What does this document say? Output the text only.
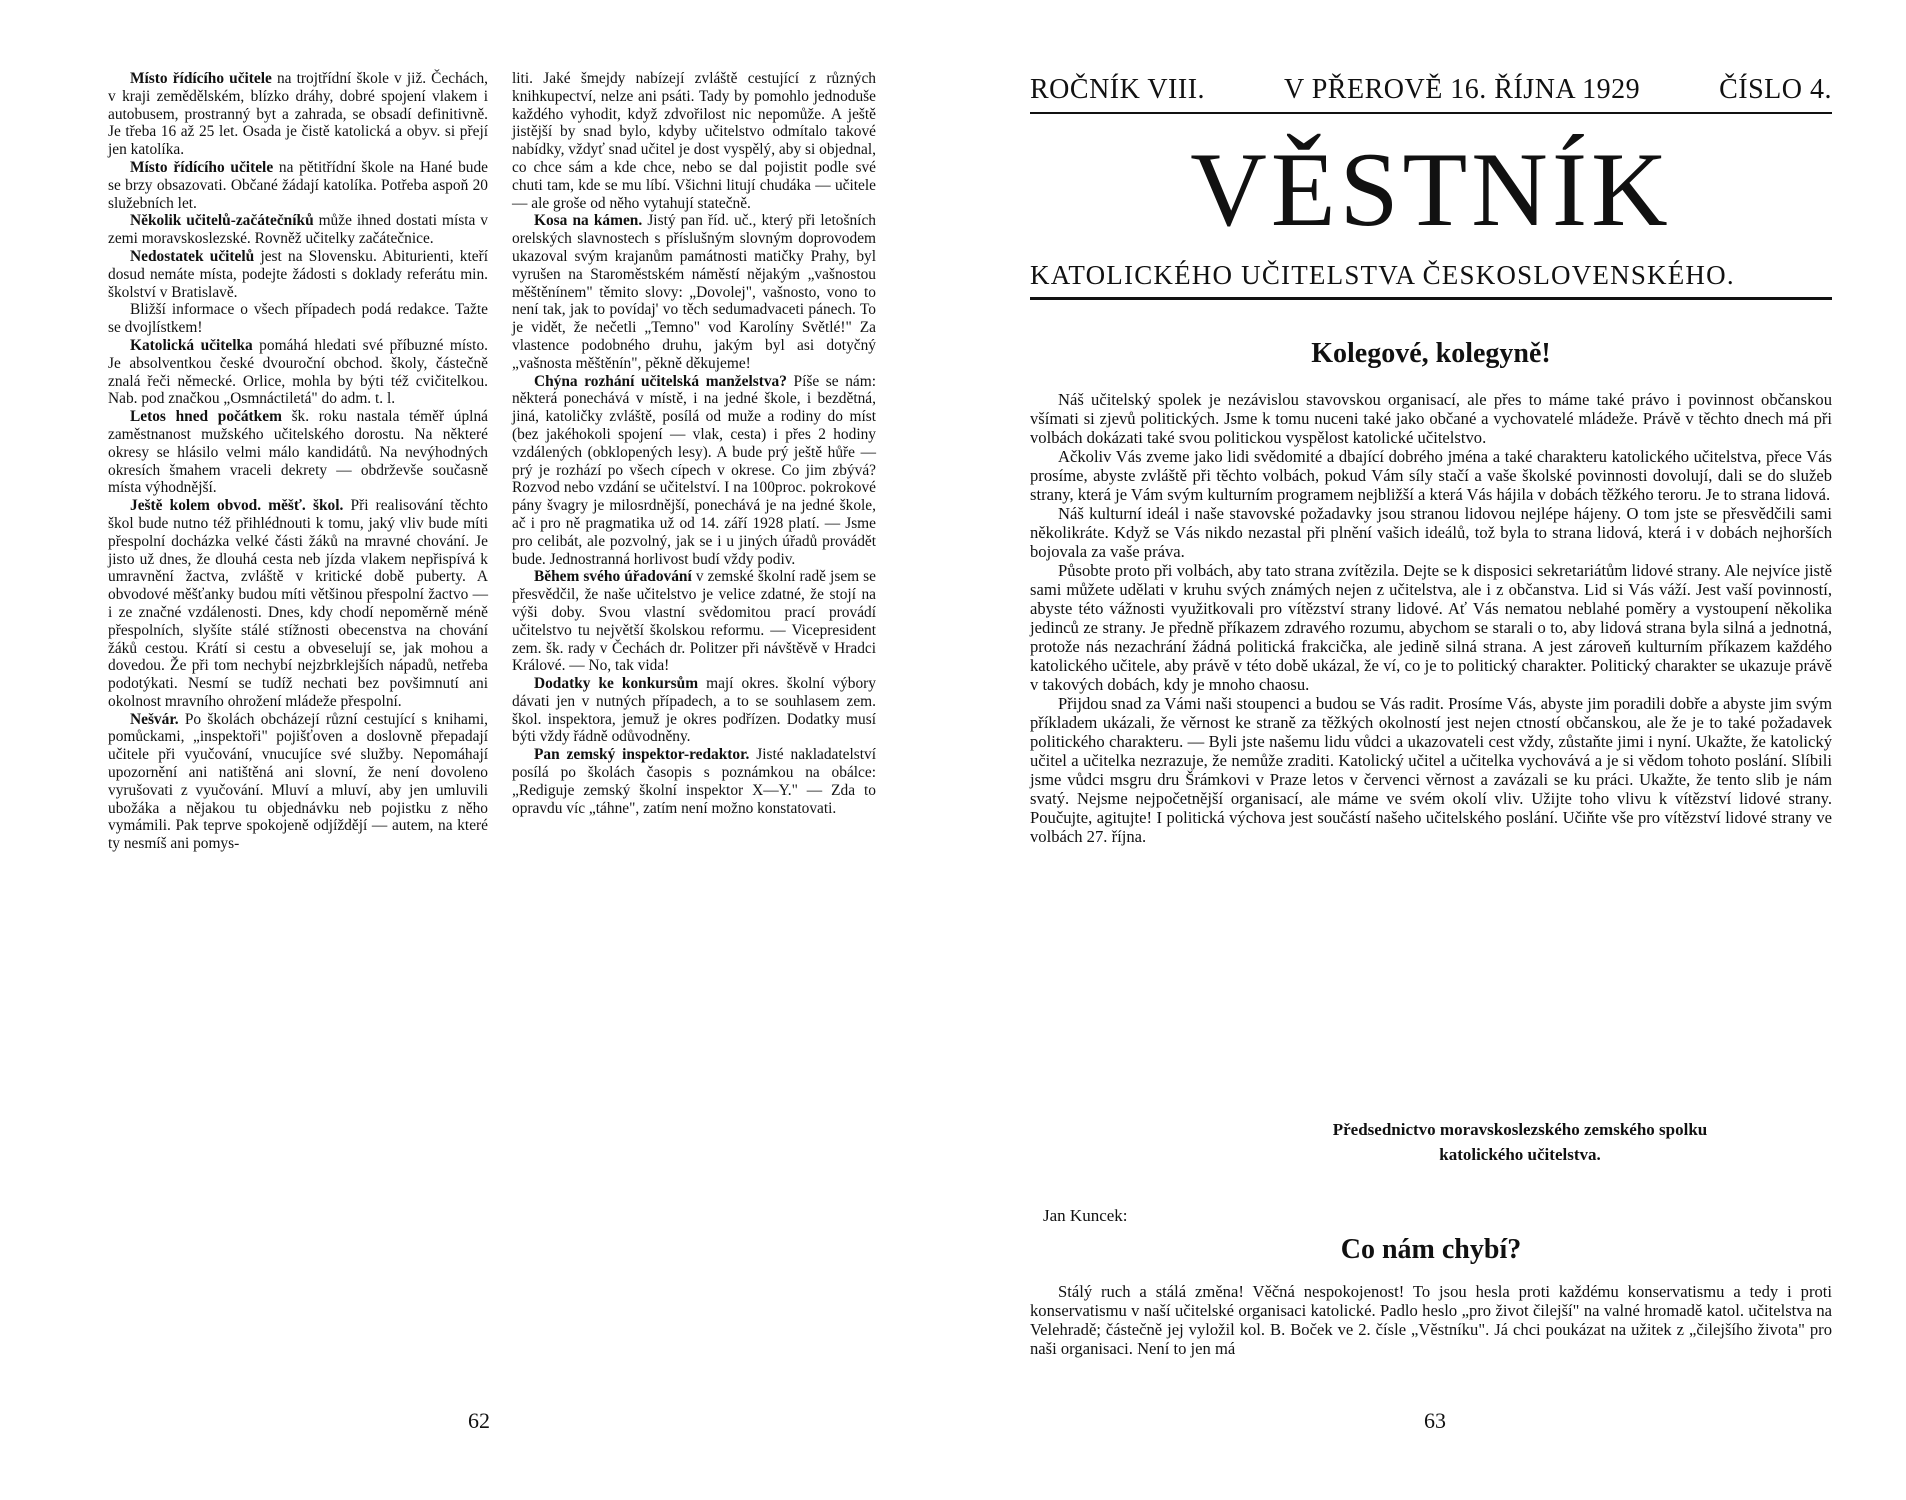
Místo řídícího učitele na trojtřídní škole v již. Čechách, v kraji zemědělském, blízko dráhy, dobré spojení vlakem i autobusem, prostranný byt a zahrada, se obsadí definitivně. Je třeba 16 až 25 let. Osada je čistě katolická a obyv. si přejí jen katolíka.

Místo řídícího učitele na pětitřídní škole na Hané bude se brzy obsazovati. Občané žádají katolíka. Potřeba aspoň 20 služebních let.

Několik učitelů-začátečníků může ihned dostati místa v zemi moravskoslezské. Rovněž učitelky začátečnice.

Nedostatek učitelů jest na Slovensku. Abiturienti, kteří dosud nemáte místa, podejte žádosti s doklady referátu min. školství v Bratislavě.

Bližší informace o všech případech podá redakce. Tažte se dvojlístkem!

Katolická učitelka pomáhá hledati své příbuzné místo. Je absolventkou české dvouroční obchod. školy, částečně znalá řeči německé. Orlice, mohla by býti též cvičitelkou. Nab. pod značkou „Osmnáctiletá" do adm. t. l.

Letos hned počátkem šk. roku nastala téměř úplná zaměstnanost mužského učitelského dorostu. Na některé okresy se hlásilo velmi málo kandidátů. Na nevýhodných okresích šmahem vraceli dekrety — obdrževše současně místa výhodnější.

Ještě kolem obvod. měšť. škol. Při realisování těchto škol bude nutno též přihlédnouti k tomu, jaký vliv bude míti přespolní docházka velké části žáků na mravné chování. Je jisto už dnes, že dlouhá cesta neb jízda vlakem nepřispívá k umravnění žactva, zvláště v kritické době puberty. A obvodové měšťanky budou míti většinou přespolní žactvo — i ze značné vzdálenosti. Dnes, kdy chodí nepoměrně méně přespolních, slyšíte stálé stížnosti obecenstva na chování žáků cestou. Krátí si cestu a obveselují se, jak mohou a dovedou. Že při tom nechybí nejzbrklejších nápadů, netřeba podotýkati. Nesmí se tudíž nechati bez povšimnutí ani okolnost mravního ohrožení mládeže přespolní.

Nešvár. Po školách obcházejí různí cestující s knihami, pomůckami, „inspektoři" pojišťoven a doslovně přepadají učitele při vyučování, vnucujíce své služby. Nepomáhají upozornění ani natištěná ani slovní, že není dovoleno vyrušovati z vyučování. Mluví a mluví, aby jen umluvili ubožáka a nějakou tu objednávku neb pojistku z něho vymámili. Pak teprve spokojeně odjíždějí — autem, na které ty nesmíš ani pomys-

liti. Jaké šmejdy nabízejí zvláště cestující z různých knihkupectví, nelze ani psáti. Tady by pomohlo jednoduše každého vyhodit, když zdvořilost nic nepomůže. A ještě jistější by snad bylo, kdyby učitelstvo odmítalo takové nabídky, vždyť snad učitel je dost vyspělý, aby si objednal, co chce sám a kde chce, nebo se dal pojistit podle své chuti tam, kde se mu líbí. Všichni litují chudáka — učitele — ale groše od něho vytahují statečně.

Kosa na kámen. Jistý pan říd. uč., který při letošních orelských slavnostech s příslušným slovným doprovodem ukazoval svým krajanům památnosti matičky Prahy, byl vyrušen na Staroměstském náměstí nějakým „vašnostou měštěnínem" těmito slovy: „Dovolej", vašnosto, vono to není tak, jak to povídaj' vo těch sedumadvaceti pánech. To je vidět, že nečetli „Temno" vod Karolíny Světlé!" Za vlastence podobného druhu, jakým byl asi dotyčný „vašnosta měštěnín", pěkně děkujeme!

Chýna rozhání učitelská manželstva? Píše se nám: některá ponechává v místě, i na jedné škole, i bezdětná, jiná, katoličky zvláště, posílá od muže a rodiny do míst (bez jakéhokoli spojení — vlak, cesta) i přes 2 hodiny vzdálených (obklopených lesy). A bude prý ještě hůře — prý je rozhází po všech cípech v okrese. Co jim zbývá? Rozvod nebo vzdání se učitelství. I na 100proc. pokrokové pány švagry je milosrdnější, ponechává je na jedné škole, ač i pro ně pragmatika už od 14. září 1928 platí. — Jsme pro celibát, ale pozvolný, jak se i u jiných úřadů provádět bude. Jednostranná horlivost budí vždy podiv.

Během svého úřadování v zemské školní radě jsem se přesvědčil, že naše učitelstvo je velice zdatné, že stojí na výši doby. Svou vlastní svědomitou prací provádí učitelstvo tu největší školskou reformu. — Vicepresident zem. šk. rady v Čechách dr. Politzer při návštěvě v Hradci Králové. — No, tak vida!

Dodatky ke konkursům mají okres. školní výbory dávati jen v nutných případech, a to se souhlasem zem. škol. inspektora, jemuž je okres podřízen. Dodatky musí býti vždy řádně odůvodněny.

Pan zemský inspektor-redaktor. Jisté nakladatelství posílá po školách časopis s poznámkou na obálce: „Rediguje zemský školní inspektor X—Y." — Zda to opravdu víc „táhne", zatím není možno konstatovati.

62
ROČNÍK VIII.	V PŘEROVĚ 16. ŘÍJNA 1929	ČÍSLO 4.
VĚSTNÍK
KATOLICKÉHO UČITELSTVA ČESKOSLOVENSKÉHO.
Kolegové, kolegyně!

Náš učitelský spolek je nezávislou stavovskou organisací, ale přes to máme také právo i povinnost občanskou všímati si zjevů politických. Jsme k tomu nuceni také jako občané a vychovatelé mládeže. Právě v těchto dnech má při volbách dokázati také svou politickou vyspělost katolické učitelstvo.

Ačkoliv Vás zveme jako lidi svědomité a dbající dobrého jména a také charakteru katolického učitelstva, přece Vás prosíme, abyste zvláště při těchto volbách, pokud Vám síly stačí a vaše školské povinnosti dovolují, dali se do služeb strany, která je Vám svým kulturním programem nejbližší a která Vás hájila v dobách těžkého teroru. Je to strana lidová.

Náš kulturní ideál i naše stavovské požadavky jsou stranou lidovou nejlépe hájeny. O tom jste se přesvědčili sami několikráte. Když se Vás nikdo nezastal při plnění vašich ideálů, tož byla to strana lidová, která i v dobách nejhorších bojovala za vaše práva.

Působte proto při volbách, aby tato strana zvítězila. Dejte se k disposici sekretariátům lidové strany. Ale nejvíce jistě sami můžete udělati v kruhu svých známých nejen z učitelstva, ale i z občanstva. Lid si Vás váží. Jest vaší povinností, abyste této vážnosti využitkovali pro vítězství strany lidové. Ať Vás nematou neblahé poměry a vystoupení několika jedinců ze strany. Je předně příkazem zdravého rozumu, abychom se starali o to, aby lidová strana byla silná a jednotná, protože nás nezachrání žádná politická frakcička, ale jedině silná strana. A jest zároveň kulturním příkazem každého katolického učitele, aby právě v této době ukázal, že ví, co je to politický charakter. Politický charakter se ukazuje právě v takových dobách, kdy je mnoho chaosu.

Přijdou snad za Vámi naši stoupenci a budou se Vás radit. Prosíme Vás, abyste jim poradili dobře a abyste jim svým příkladem ukázali, že věrnost ke straně za těžkých okolností jest nejen ctností občanskou, ale že je to také požadavek politického charakteru. — Byli jste našemu lidu vůdci a ukazovateli cest vždy, zůstaňte jimi i nyní. Ukažte, že katolický učitel a učitelka nezrazuje, že nemůže zraditi. Katolický učitel a učitelka vychovává a je si vědom tohoto poslání. Slíbili jsme vůdci msgru dru Šrámkovi v Praze letos v červenci věrnost a zavázali se ku práci. Ukažte, že tento slib je nám svatý. Nejsme nejpočetnější organisací, ale máme ve svém okolí vliv. Užijte toho vlivu k vítězství lidové strany. Poučujte, agitujte! I politická výchova jest součástí našeho učitelského poslání. Učiňte vše pro vítězství lidové strany ve volbách 27. října.

Předsednictvo moravskoslezského zemského spolku
katolického učitelstva.
Jan Kuncek:
Co nám chybí?

Stálý ruch a stálá změna! Věčná nespokojenost! To jsou hesla proti každému konservatismu a tedy i proti konservatismu v naší učitelské organisaci katolické. Padlo heslo „pro život čilejší" na valné hromadě katol. učitelstva na Velehradě; částečně jej vyložil kol. B. Boček ve 2. čísle „Věstníku". Já chci poukázat na užitek z „čilejšího života" pro naši organisaci. Není to jen má

63
